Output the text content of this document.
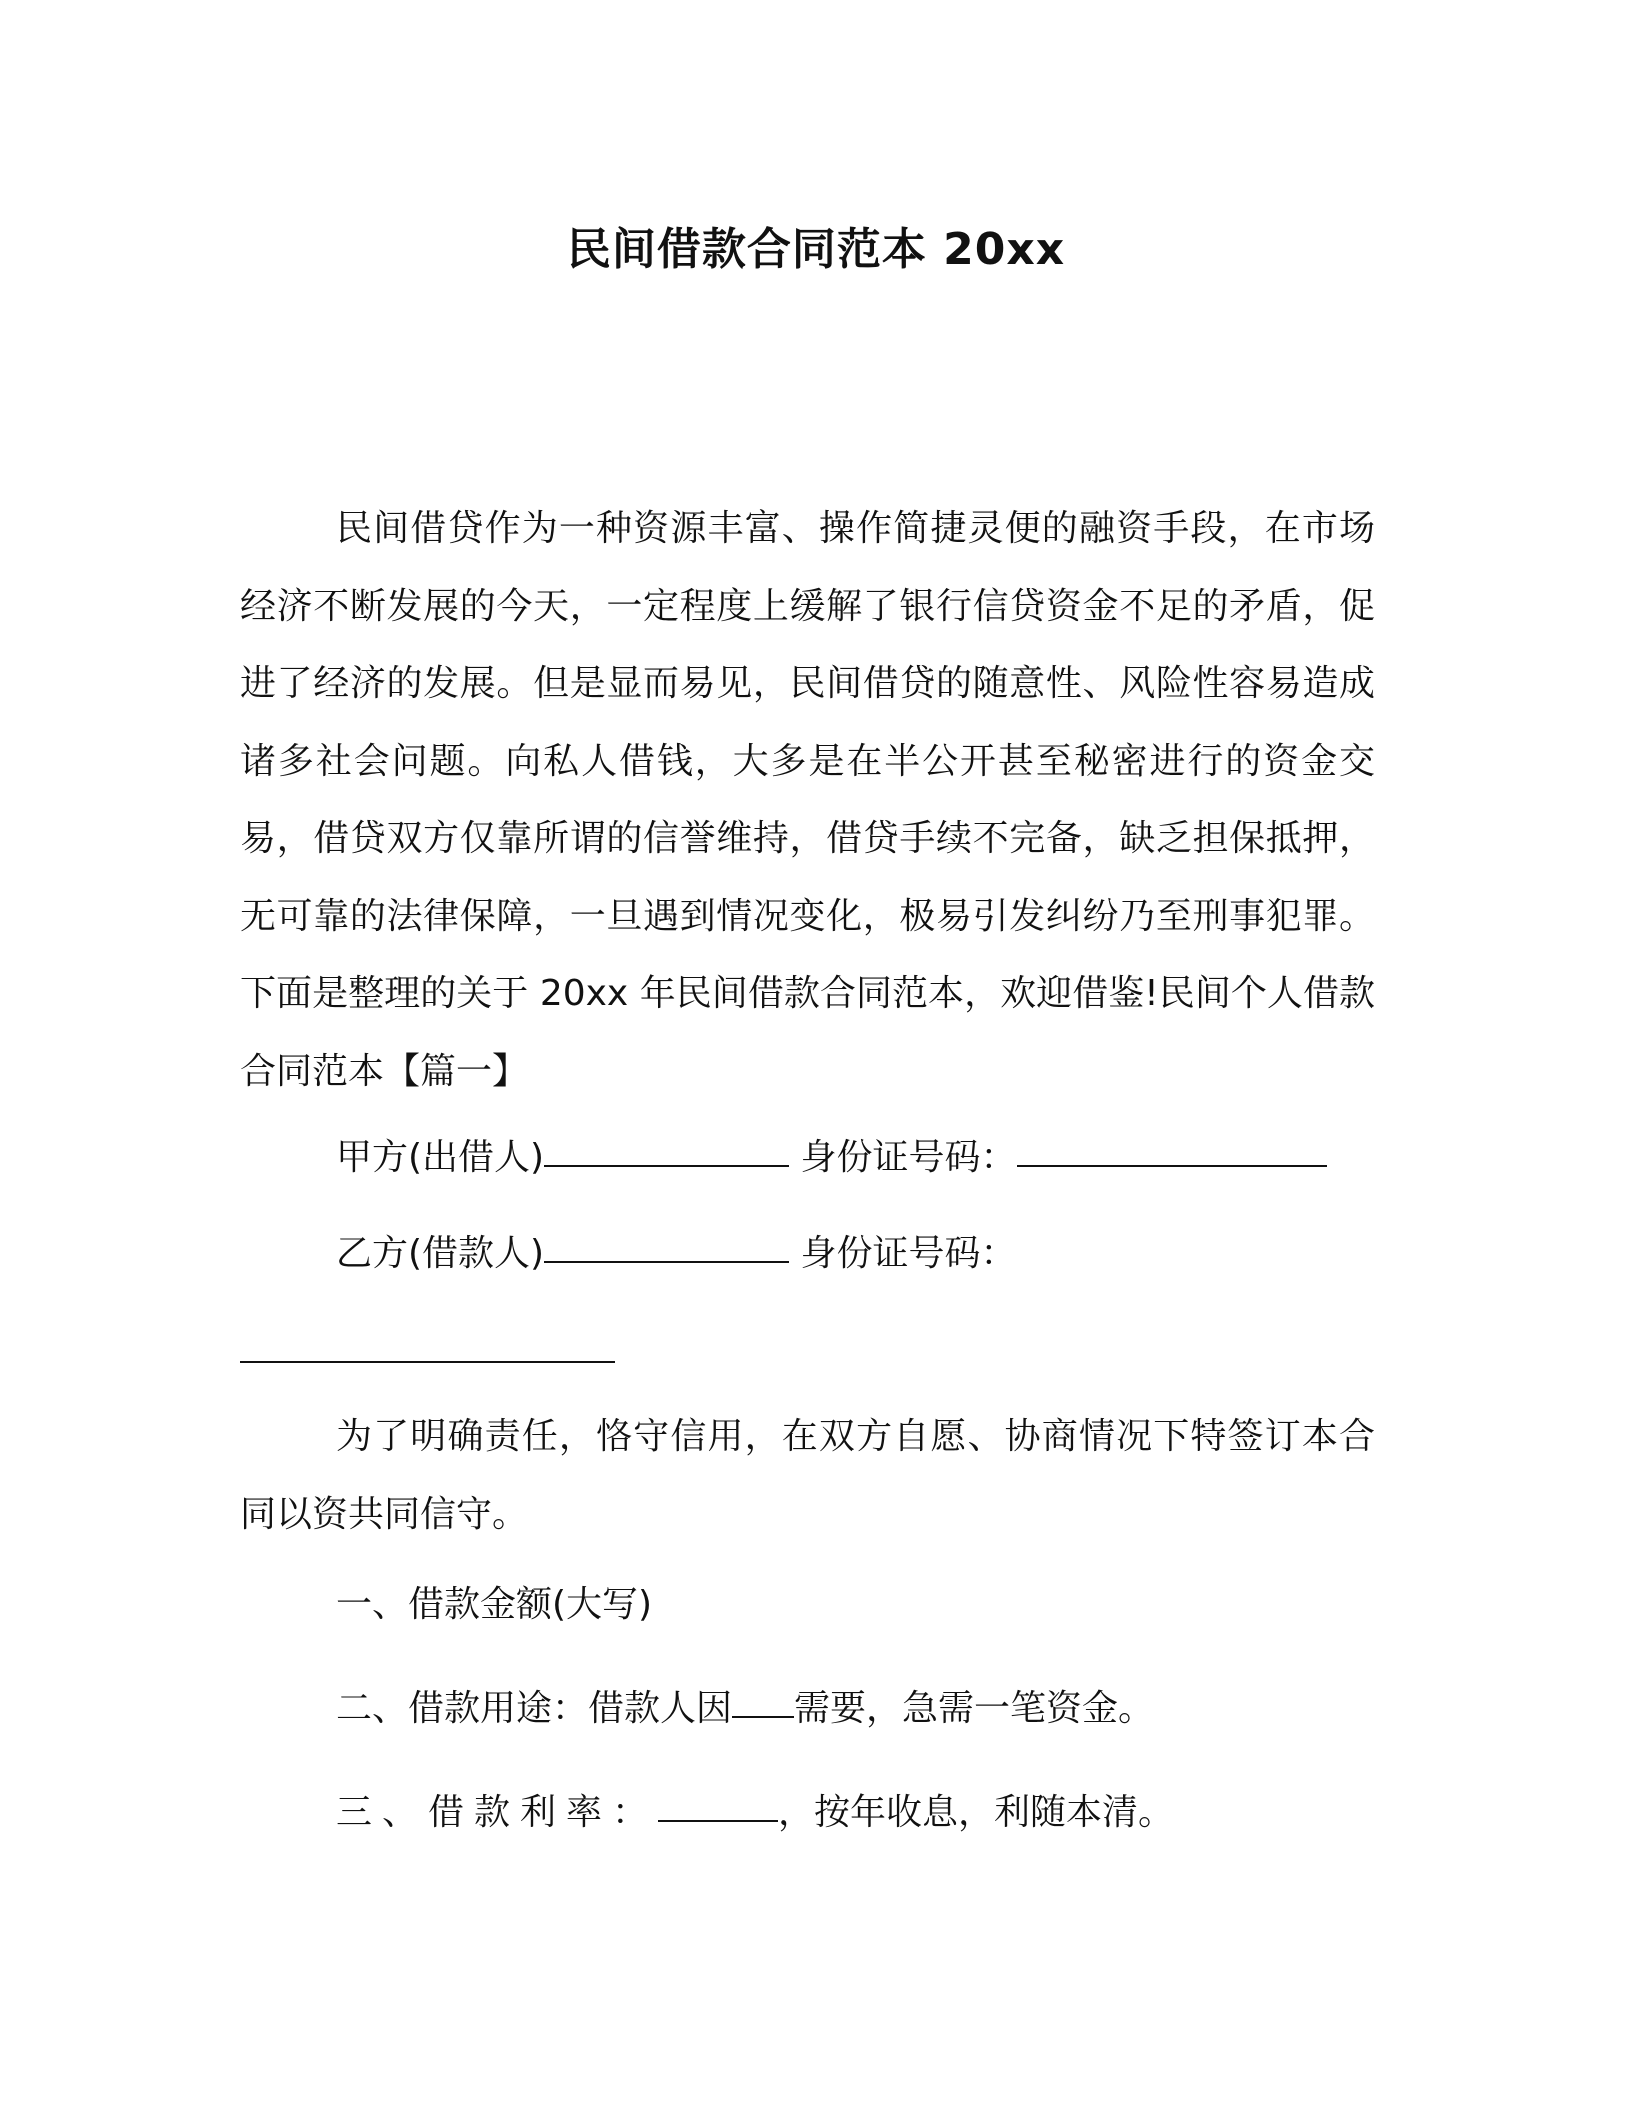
民间借款合同范本 20xx

民间借贷作为一种资源丰富、操作简捷灵便的融资手段，在市场经济不断发展的今天，一定程度上缓解了银行信贷资金不足的矛盾，促进了经济的发展。但是显而易见，民间借贷的随意性、风险性容易造成诸多社会问题。向私人借钱，大多是在半公开甚至秘密进行的资金交易，借贷双方仅靠所谓的信誉维持，借贷手续不完备，缺乏担保抵押，无可靠的法律保障，一旦遇到情况变化，极易引发纠纷乃至刑事犯罪。下面是整理的关于 20xx 年民间借款合同范本，欢迎借鉴!民间个人借款合同范本【篇一】

甲方(出借人)	身份证号码：
乙方(借款人)	身份证号码：

为了明确责任，恪守信用，在双方自愿、协商情况下特签订本合同以资共同信守。

一、借款金额(大写)
二、借款用途：借款人因 需要，急需一笔资金。
三、借款利率：	，按年收息，利随本清。
